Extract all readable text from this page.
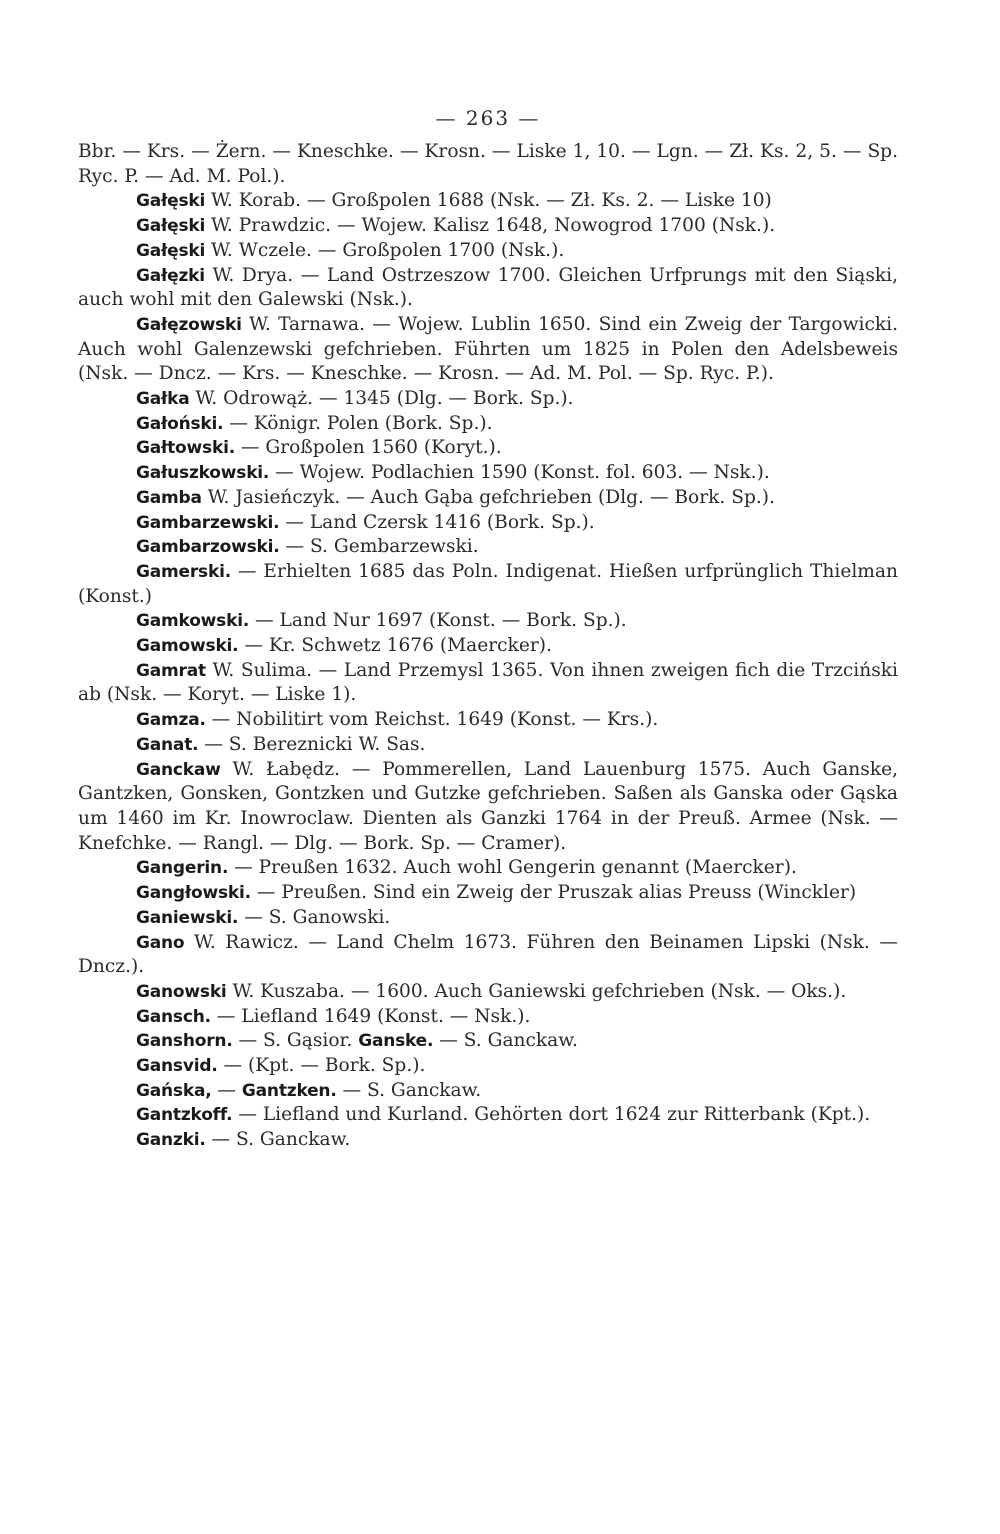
— 263 —

Bbr. — Krs. — Żern. — Kneschke. — Krosn. — Liske 1, 10. — Lgn. — Zł. Ks. 2, 5. — Sp. Ryc. P. — Ad. M. Pol.).

Gałęski W. Korab. — Großpolen 1688 (Nsk. — Zł. Ks. 2. — Liske 10)

Gałęski W. Prawdzic. — Wojew. Kalisz 1648, Nowogrod 1700 (Nsk.).

Gałęski W. Wczele. — Großpolen 1700 (Nsk.).

Gałęzki W. Drya. — Land Ostrzeszow 1700. Gleichen Urfprungs mit den Siąski, auch wohl mit den Galewski (Nsk.).

Gałęzowski W. Tarnawa. — Wojew. Lublin 1650. Sind ein Zweig der Targowicki. Auch wohl Galenzewski gefchrieben. Führten um 1825 in Polen den Adelsbeweis (Nsk. — Dncz. — Krs. — Kneschke. — Krosn. — Ad. M. Pol. — Sp. Ryc. P.).

Gałka W. Odrowąż. — 1345 (Dlg. — Bork. Sp.).

Gałoński. — Königr. Polen (Bork. Sp.).

Gałtowski. — Großpolen 1560 (Koryt.).

Gałuszkowski. — Wojew. Podlachien 1590 (Konst. fol. 603. — Nsk.).

Gamba W. Jasieńczyk. — Auch Gąba gefchrieben (Dlg. — Bork. Sp.).

Gambarzewski. — Land Czersk 1416 (Bork. Sp.).

Gambarzowski. — S. Gembarzewski.

Gamerski. — Erhielten 1685 das Poln. Indigenat. Hießen urfprünglich Thielman (Konst.)

Gamkowski. — Land Nur 1697 (Konst. — Bork. Sp.).

Gamowski. — Kr. Schwetz 1676 (Maercker).

Gamrat W. Sulima. — Land Przemysl 1365. Von ihnen zweigen fich die Trzciński ab (Nsk. — Koryt. — Liske 1).

Gamza. — Nobilitirt vom Reichst. 1649 (Konst. — Krs.).

Ganat. — S. Bereznicki W. Sas.

Ganckaw W. Łabędz. — Pommerellen, Land Lauenburg 1575. Auch Ganske, Gantzken, Gonsken, Gontzken und Gutzke gefchrieben. Saßen als Ganska oder Gąska um 1460 im Kr. Inowroclaw. Dienten als Ganzki 1764 in der Preuß. Armee (Nsk. — Knefchke. — Rangl. — Dlg. — Bork. Sp. — Cramer).

Gangerin. — Preußen 1632. Auch wohl Gengerin genannt (Maercker).

Gangłowski. — Preußen. Sind ein Zweig der Pruszak alias Preuss (Winckler)

Ganiewski. — S. Ganowski.

Gano W. Rawicz. — Land Chelm 1673. Führen den Beinamen Lipski (Nsk. — Dncz.).

Ganowski W. Kuszaba. — 1600. Auch Ganiewski gefchrieben (Nsk. — Oks.).

Gansch. — Liefland 1649 (Konst. — Nsk.).

Ganshorn. — S. Gąsior. Ganske. — S. Ganckaw.

Gansvid. — (Kpt. — Bork. Sp.).

Gańska, — Gantzken. — S. Ganckaw.

Gantzkoff. — Liefland und Kurland. Gehörten dort 1624 zur Ritterbank (Kpt.).

Ganzki. — S. Ganckaw.
